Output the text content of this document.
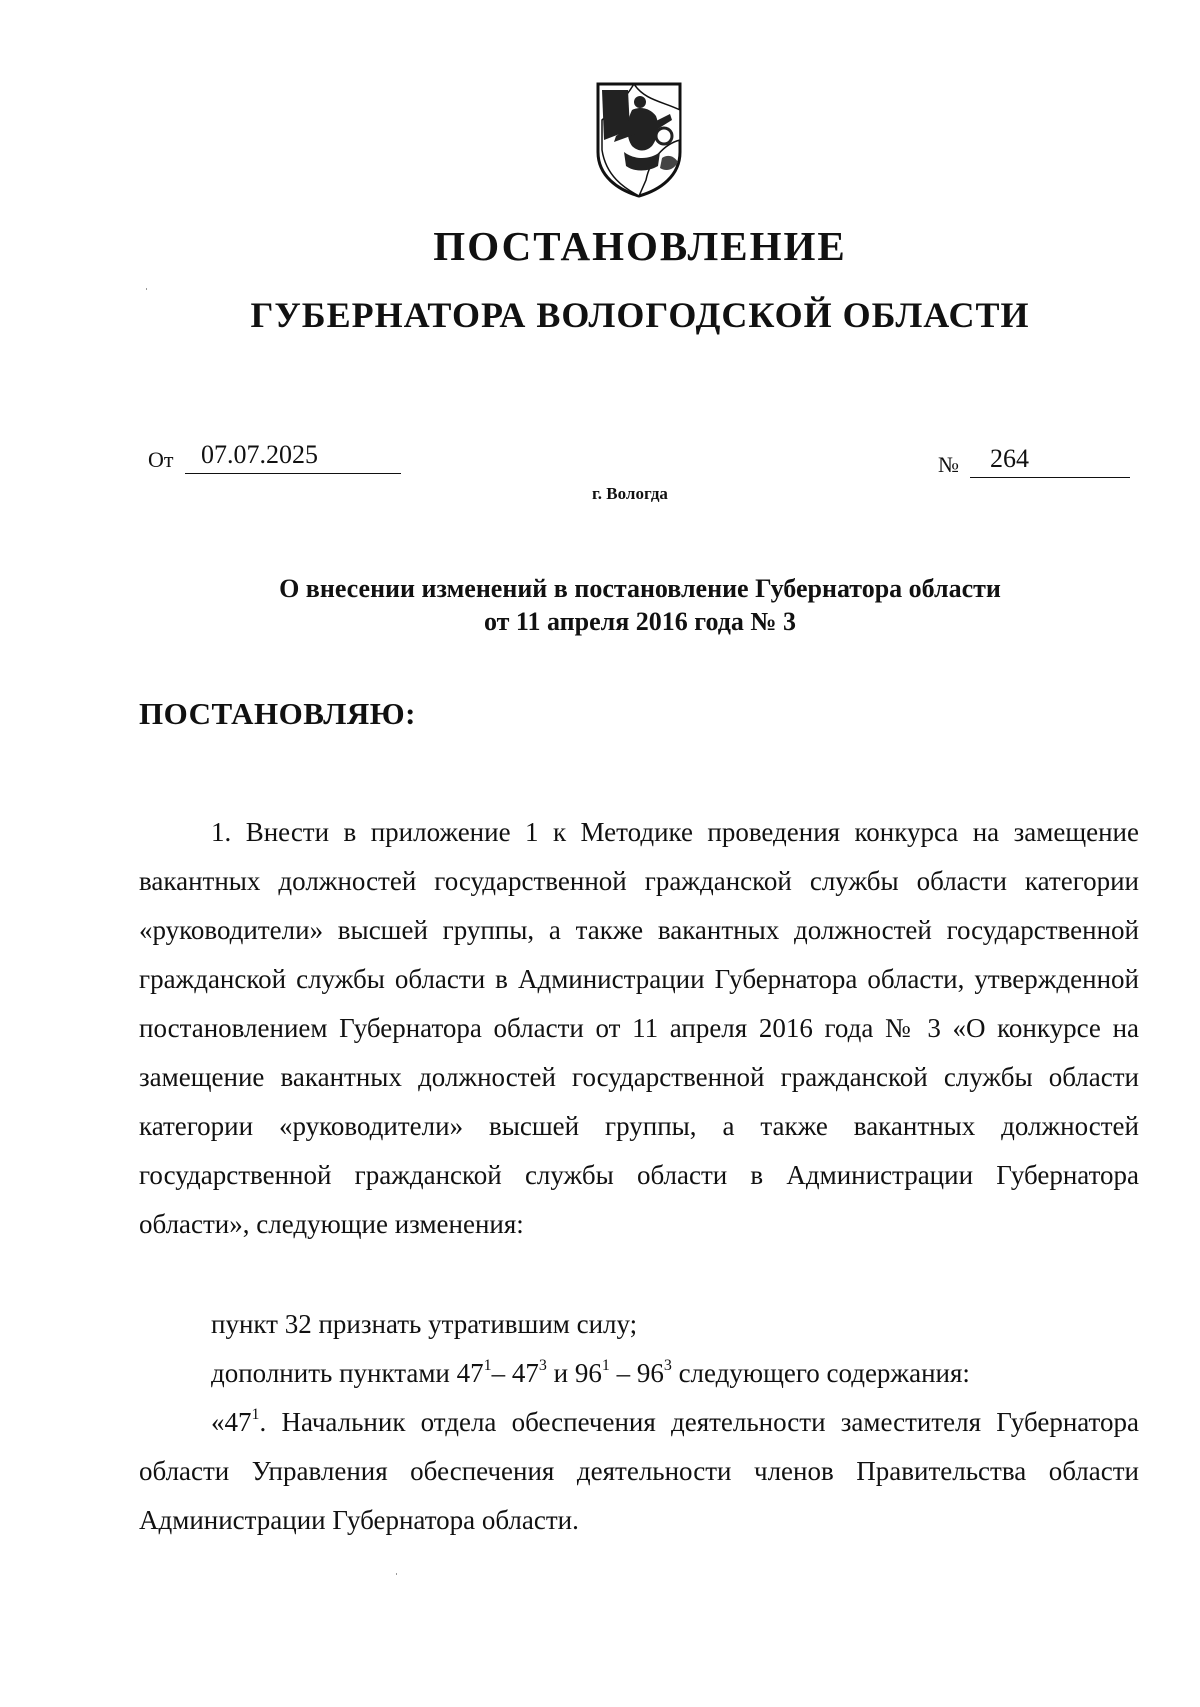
ПОСТАНОВЛЕНИЕ
ГУБЕРНАТОРА ВОЛОГОДСКОЙ ОБЛАСТИ
От	07.07.2025	№	264
г. Вологда
О внесении изменений в постановление Губернатора области
от 11 апреля 2016 года № 3
ПОСТАНОВЛЯЮ:
1. Внести в приложение 1 к Методике проведения конкурса на замещение вакантных должностей государственной гражданской службы области категории «руководители» высшей группы, а также вакантных должностей государственной гражданской службы области в Администрации Губернатора области, утвержденной постановлением Губернатора области от 11 апреля 2016 года № 3 «О конкурсе на замещение вакантных должностей государственной гражданской службы области категории «руководители» высшей группы, а также вакантных должностей государственной гражданской службы области в Администрации Губернатора области», следующие изменения:
пункт 32 признать утратившим силу;
дополнить пунктами $47^1-$ $47^3$ и $96^1 - 96^3$ следующего содержания:
«$47^1$. Начальник отдела обеспечения деятельности заместителя Губернатора области Управления обеспечения деятельности членов Правительства области Администрации Губернатора области.
